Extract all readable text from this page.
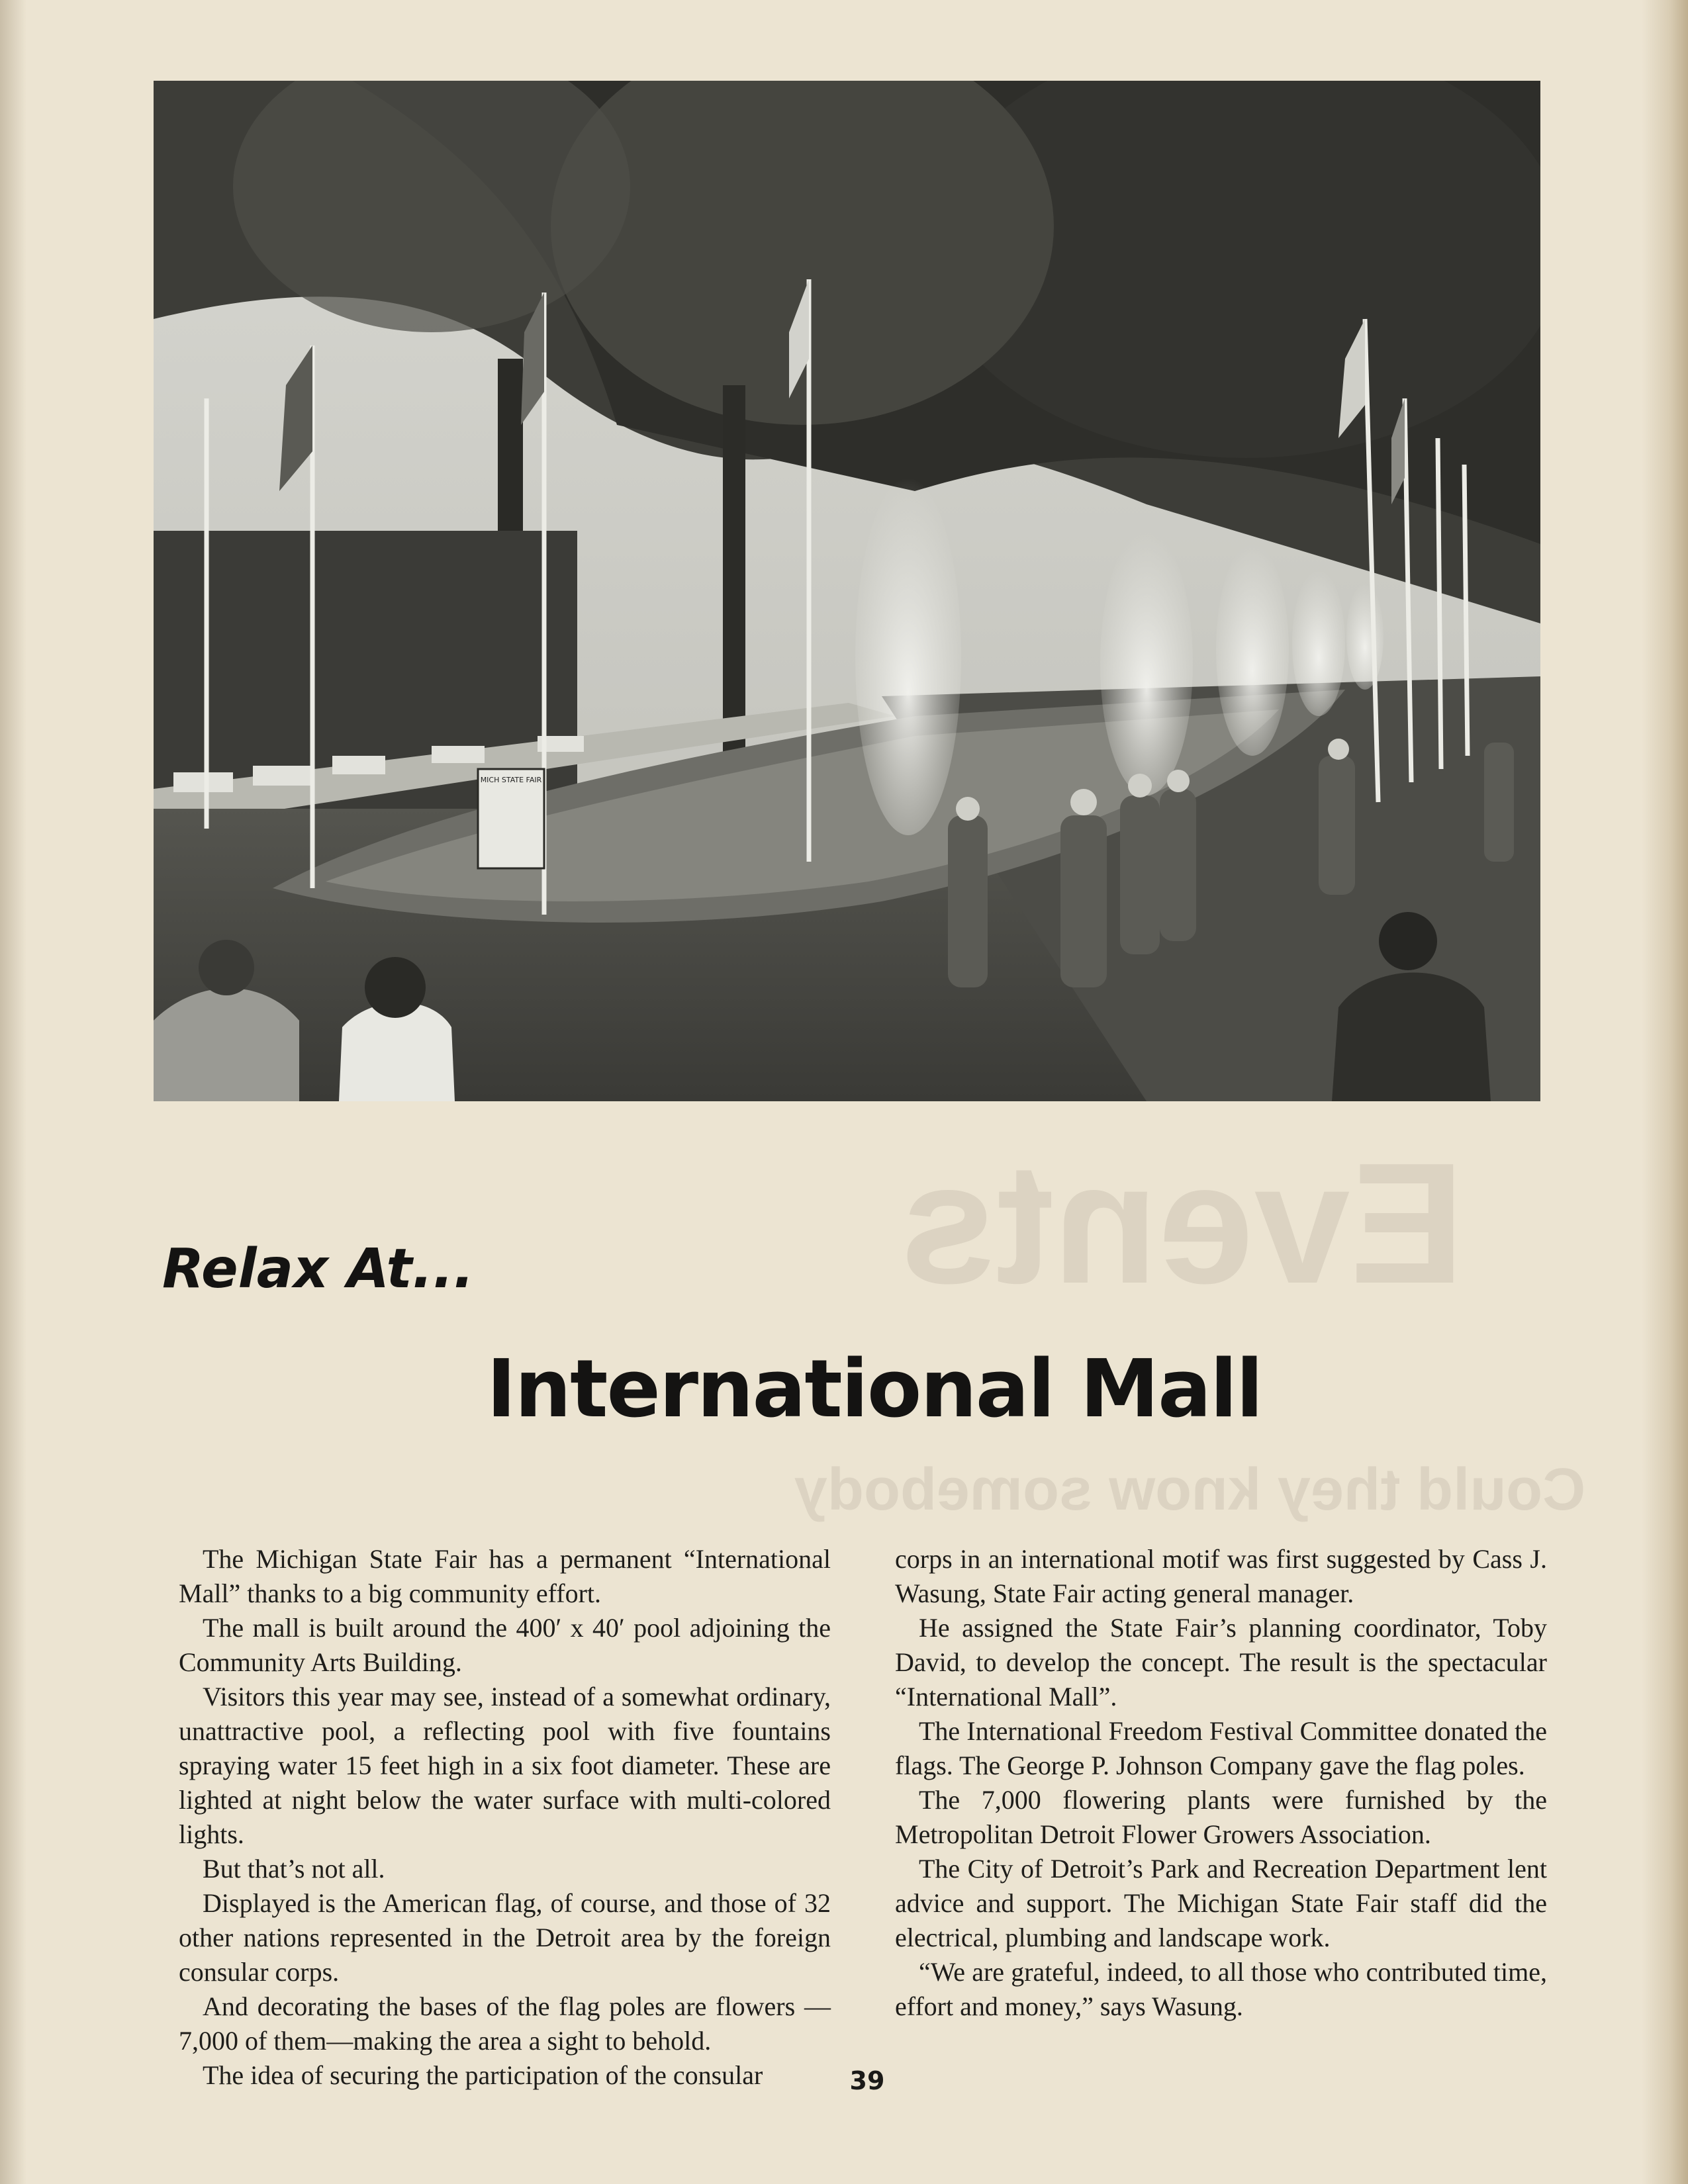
MICH STATE FAIR
Events
Could they know somebody
Relax At...
International Mall

The Michigan State Fair has a permanent “International Mall” thanks to a big community effort.

The mall is built around the 400′ x 40′ pool adjoining the Community Arts Building.

Visitors this year may see, instead of a somewhat ordinary, unattractive pool, a reflecting pool with five fountains spraying water 15 feet high in a six foot diameter. These are lighted at night below the water surface with multi-colored lights.

But that’s not all.

Displayed is the American flag, of course, and those of 32 other nations represented in the Detroit area by the foreign consular corps.

And decorating the bases of the flag poles are flowers —7,000 of them—making the area a sight to behold.

The idea of securing the participation of the consular

corps in an international motif was first suggested by Cass J. Wasung, State Fair acting general manager.

He assigned the State Fair’s planning coordinator, Toby David, to develop the concept. The result is the spectacular “International Mall”.

The International Freedom Festival Committee donated the flags. The George P. Johnson Company gave the flag poles.

The 7,000 flowering plants were furnished by the Metropolitan Detroit Flower Growers Association.

The City of Detroit’s Park and Recreation Department lent advice and support. The Michigan State Fair staff did the electrical, plumbing and landscape work.

“We are grateful, indeed, to all those who contributed time, effort and money,” says Wasung.

39
